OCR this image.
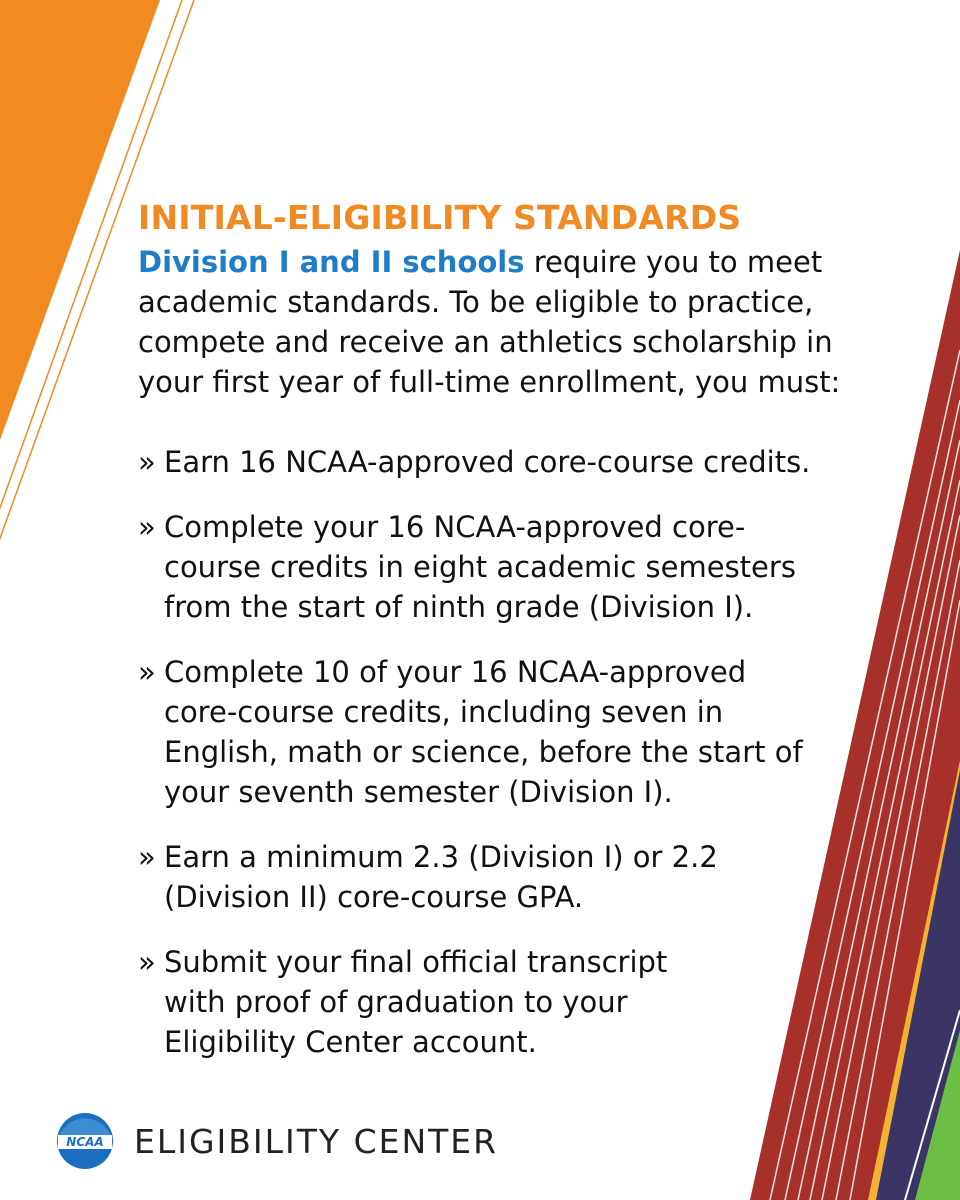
INITIAL-ELIGIBILITY STANDARDS

Division I and II schools require you to meet academic standards. To be eligible to practice, compete and receive an athletics scholarship in your first year of full-time enrollment, you must:

» Earn 16 NCAA-approved core-course credits.
» Complete your 16 NCAA-approved core-course credits in eight academic semesters from the start of ninth grade (Division I).
» Complete 10 of your 16 NCAA-approved core-course credits, including seven in English, math or science, before the start of your seventh semester (Division I).
» Earn a minimum 2.3 (Division I) or 2.2 (Division II) core-course GPA.
» Submit your final official transcript with proof of graduation to your Eligibility Center account.
NCAA ELIGIBILITY CENTER
